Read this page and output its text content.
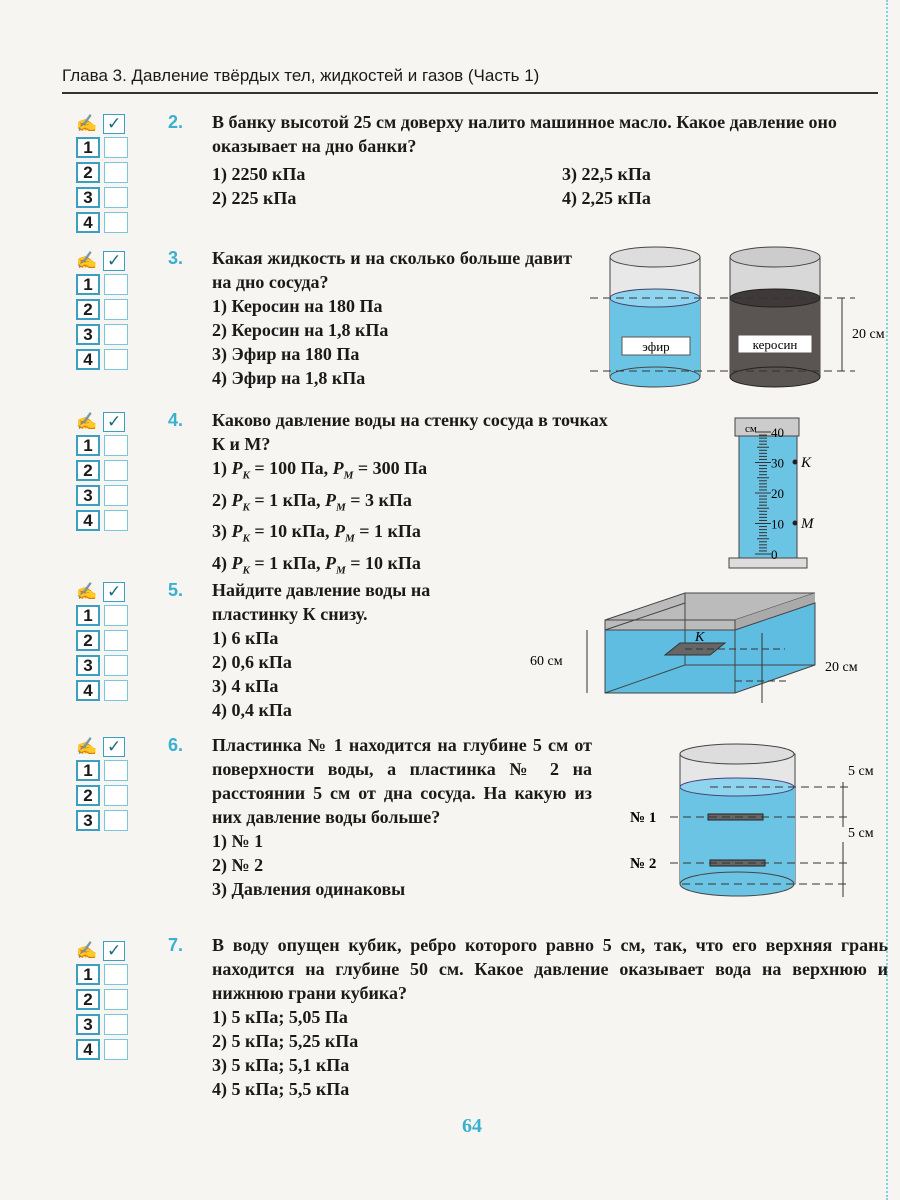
Глава 3. Давление твёрдых тел, жидкостей и газов (Часть 1)
✍ ✓
1
2
3
4
✍ ✓
1
2
3
4
✍ ✓
1
2
3
4
✍ ✓
1
2
3
4
✍ ✓
1
2
3
✍ ✓
1
2
3
4
2. В банку высотой 25 см доверху налито машинное масло. Какое давление оно оказывает на дно банки?
1) 2250 кПа	3) 22,5 кПа
2) 225 кПа	4) 2,25 кПа
3. Какая жидкость и на сколько больше давит на дно сосуда?
1) Керосин на 180 Па
2) Керосин на 1,8 кПа
3) Эфир на 180 Па
4) Эфир на 1,8 кПа
эфир	керосин
20 см
4. Каково давление воды на стенку сосуда в точках К и М?
1) $P_K = 100$ Па, $P_M = 300$ Па
2) $P_K = 1$ кПа, $P_M = 3$ кПа
3) $P_K = 10$ кПа, $P_M = 1$ кПа
4) $P_K = 1$ кПа, $P_M = 10$ кПа
см 40
30
20
10
0
K
M
5. Найдите давление воды на пластинку К снизу.
1) 6 кПа
2) 0,6 кПа
3) 4 кПа
4) 0,4 кПа
K
60 см	20 см
6. Пластинка № 1 находится на глубине 5 см от поверхности воды, а пластинка № 2 на расстоянии 5 см от дна сосуда. На какую из них давление воды больше?
1) № 1
2) № 2
3) Давления одинаковы
5 см
5 см
№ 1
№ 2
7. В воду опущен кубик, ребро которого равно 5 см, так, что его верхняя грань находится на глубине 50 см. Какое давление оказывает вода на верхнюю и нижнюю грани кубика?
1) 5 кПа; 5,05 Па
2) 5 кПа; 5,25 кПа
3) 5 кПа; 5,1 кПа
4) 5 кПа; 5,5 кПа
64
